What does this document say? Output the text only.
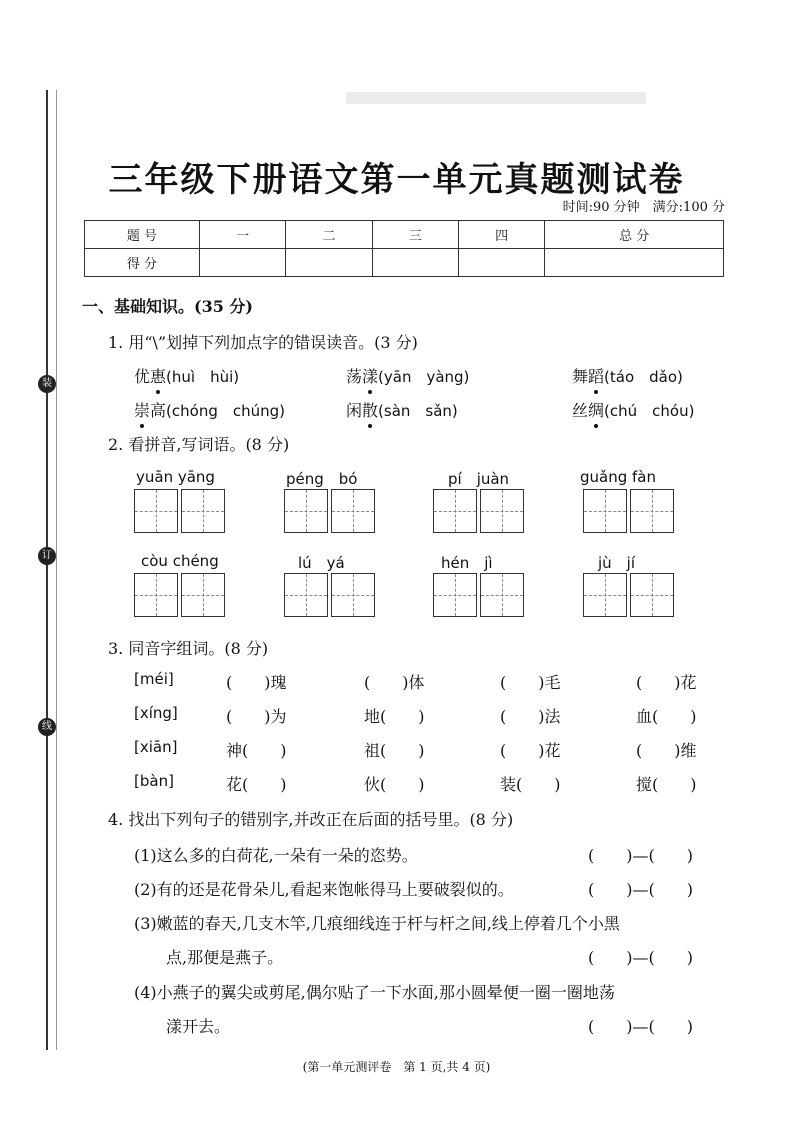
装
订
线
三年级下册语文第一单元真题测试卷
时间:90 分钟　满分:100 分
题 号	一	二	三	四	总 分
得 分					
一、基础知识。(35 分)
1. 用“\”划掉下列加点字的错误读音。(3 分)
优惠(huì　hùi)	荡漾(yān　yàng)	舞蹈(táo　dǎo)
崇高(chóng　chúng)	闲散(sàn　sǎn)	丝绸(chú　chóu)
2. 看拼音,写词语。(8 分)
yuān yāng	péng　bó	pí　juàn	guǎng fàn
còu chéng	lú　yá	hén　jì	jù　jí
3. 同音字组词。(8 分)
[méi]	(　　)瑰	(　　)体	(　　)毛	(　　)花
[xíng]	(　　)为	地(　　)	(　　)法	血(　　)
[xiān]	神(　　)	祖(　　)	(　　)花	(　　)维
[bàn]	花(　　)	伙(　　)	装(　　)	搅(　　)
4. 找出下列句子的错别字,并改正在后面的括号里。(8 分)
(1)这么多的白荷花,一朵有一朵的恣势。	(　　)—(　　)
(2)有的还是花骨朵儿,看起来饱帐得马上要破裂似的。	(　　)—(　　)
(3)嫩蓝的春天,几支木竿,几痕细线连于杆与杆之间,线上停着几个小黑
点,那便是燕子。	(　　)—(　　)
(4)小燕子的翼尖或剪尾,偶尔贴了一下水面,那小圆晕便一圈一圈地荡
漾开去。	(　　)—(　　)
(第一单元测评卷　第 1 页,共 4 页)
